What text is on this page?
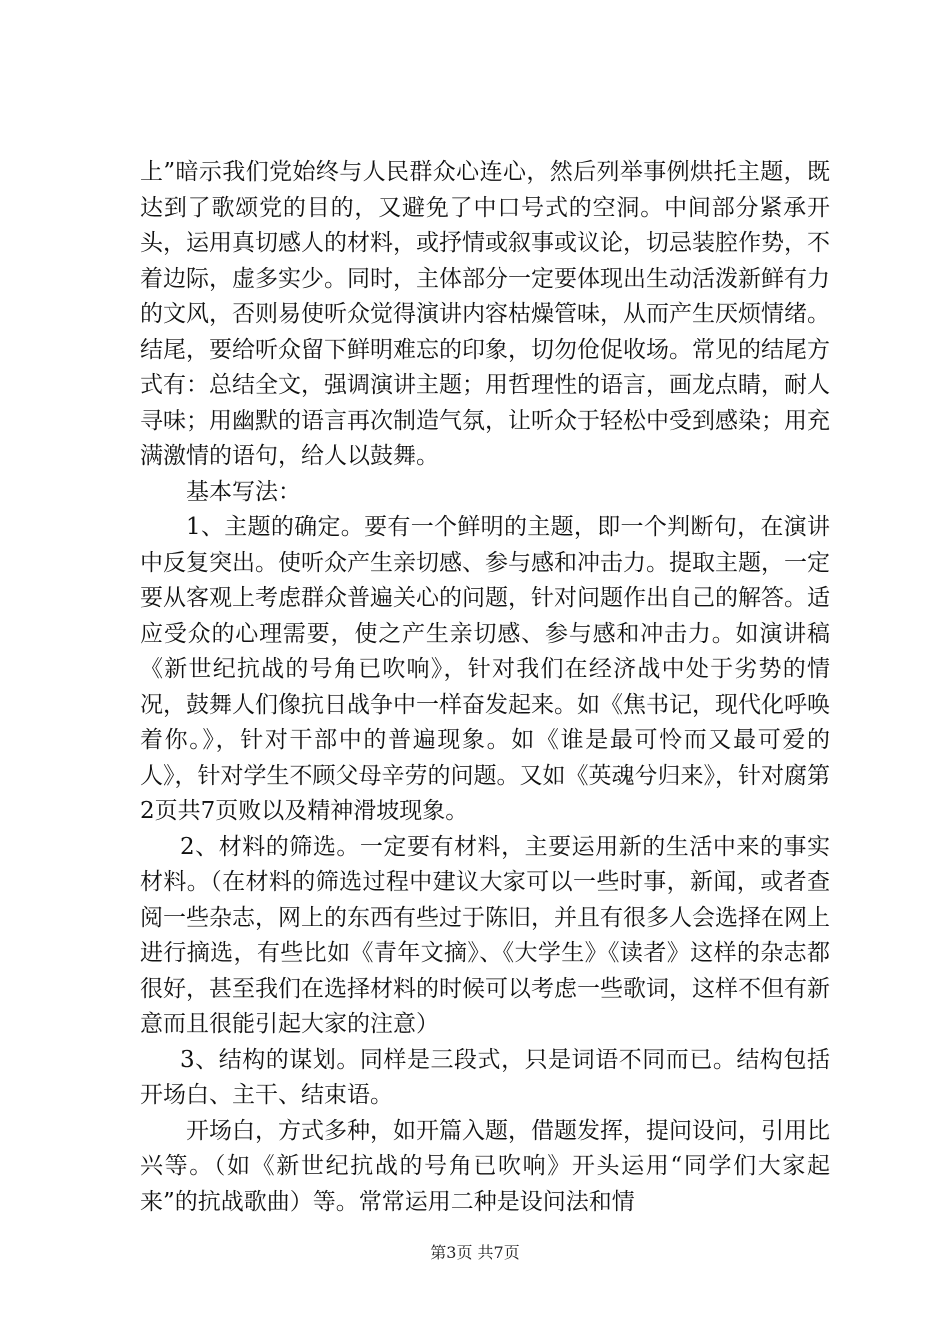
上”暗示我们党始终与人民群众心连心，然后列举事例烘托主题，既达到了歌颂党的目的，又避免了中口号式的空洞。中间部分紧承开头，运用真切感人的材料，或抒情或叙事或议论，切忌装腔作势，不着边际，虚多实少。同时，主体部分一定要体现出生动活泼新鲜有力的文风，否则易使听众觉得演讲内容枯燥管味，从而产生厌烦情绪。结尾，要给听众留下鲜明难忘的印象，切勿伧促收场。常见的结尾方式有：总结全文，强调演讲主题；用哲理性的语言，画龙点睛，耐人寻味；用幽默的语言再次制造气氛，让听众于轻松中受到感染；用充满激情的语句，给人以鼓舞。

基本写法：

1、主题的确定。要有一个鲜明的主题，即一个判断句，在演讲中反复突出。使听众产生亲切感、参与感和冲击力。提取主题，一定要从客观上考虑群众普遍关心的问题，针对问题作出自己的解答。适应受众的心理需要，使之产生亲切感、参与感和冲击力。如演讲稿《新世纪抗战的号角已吹响》，针对我们在经济战中处于劣势的情况，鼓舞人们像抗日战争中一样奋发起来。如《焦书记，现代化呼唤着你。》，针对干部中的普遍现象。如《谁是最可怜而又最可爱的人》，针对学生不顾父母辛劳的问题。又如《英魂兮归来》，针对腐第2页共7页败以及精神滑坡现象。

2、材料的筛选。一定要有材料，主要运用新的生活中来的事实材料。（在材料的筛选过程中建议大家可以一些时事，新闻，或者查阅一些杂志，网上的东西有些过于陈旧，并且有很多人会选择在网上进行摘选，有些比如《青年文摘》、《大学生》《读者》这样的杂志都很好，甚至我们在选择材料的时候可以考虑一些歌词，这样不但有新意而且很能引起大家的注意）

3、结构的谋划。同样是三段式，只是词语不同而已。结构包括开场白、主干、结束语。

开场白，方式多种，如开篇入题，借题发挥，提问设问，引用比兴等。（如《新世纪抗战的号角已吹响》开头运用“同学们大家起来”的抗战歌曲）等。常常运用二种是设问法和情

第3页 共7页
